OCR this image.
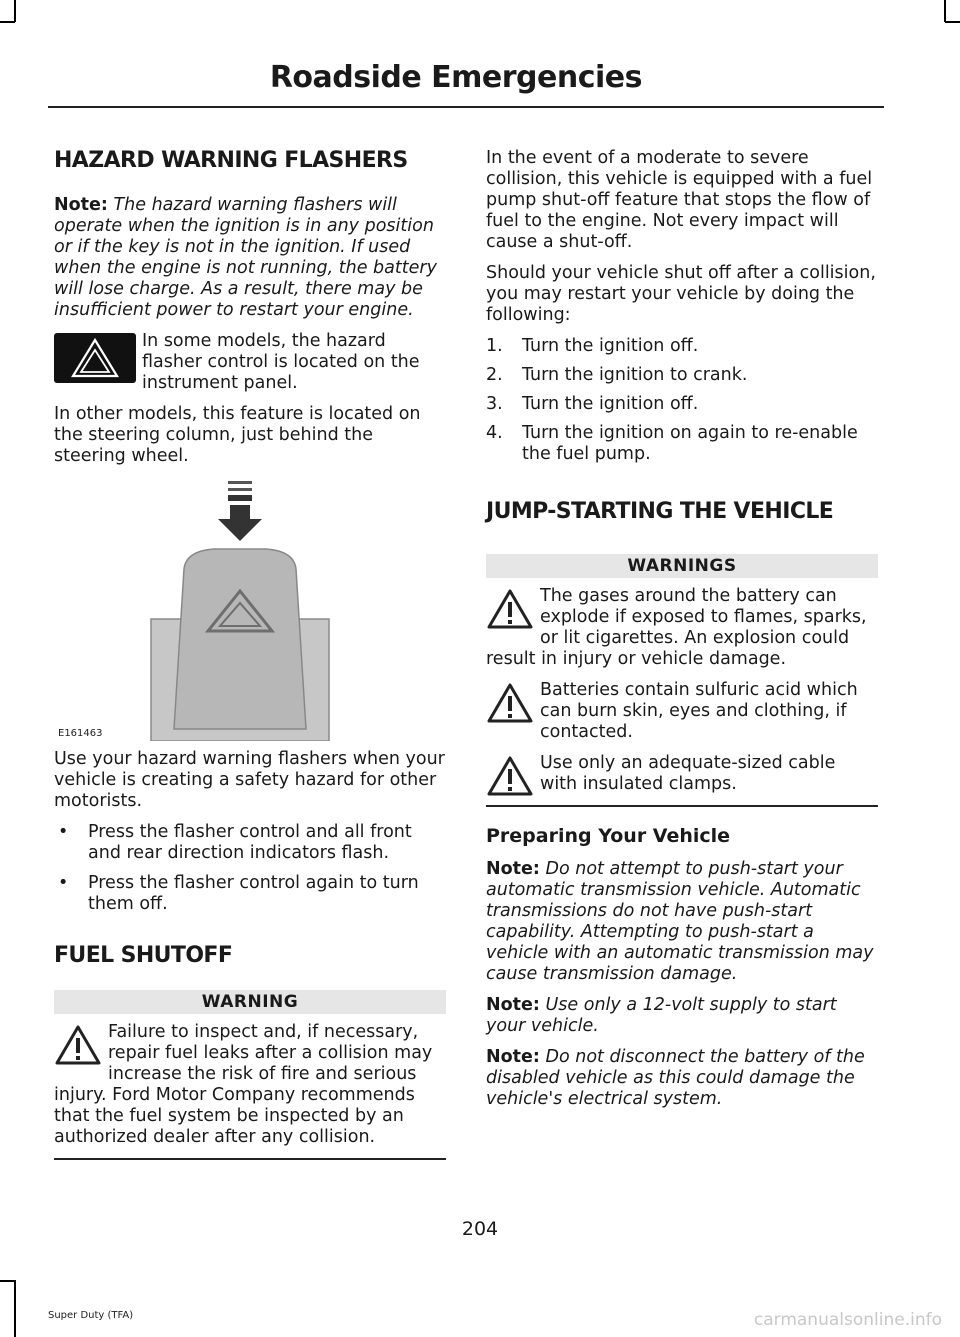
Roadside Emergencies
HAZARD WARNING FLASHERS

Note: The hazard warning flashers will operate when the ignition is in any position or if the key is not in the ignition. If used when the engine is not running, the battery will lose charge. As a result, there may be insufficient power to restart your engine.

In some models, the hazard flasher control is located on the instrument panel.

In other models, this feature is located on the steering column, just behind the steering wheel.

E161463

Use your hazard warning flashers when your vehicle is creating a safety hazard for other motorists.

• Press the flasher control and all front and rear direction indicators flash.
• Press the flasher control again to turn them off.
FUEL SHUTOFF
WARNING

Failure to inspect and, if necessary, repair fuel leaks after a collision may increase the risk of fire and serious injury. Ford Motor Company recommends that the fuel system be inspected by an authorized dealer after any collision.

In the event of a moderate to severe collision, this vehicle is equipped with a fuel pump shut-off feature that stops the flow of fuel to the engine. Not every impact will cause a shut-off.

Should your vehicle shut off after a collision, you may restart your vehicle by doing the following:

1. Turn the ignition off.
2. Turn the ignition to crank.
3. Turn the ignition off.
4. Turn the ignition on again to re-enable the fuel pump.
JUMP-STARTING THE VEHICLE
WARNINGS

The gases around the battery can explode if exposed to flames, sparks, or lit cigarettes. An explosion could result in injury or vehicle damage.

Batteries contain sulfuric acid which can burn skin, eyes and clothing, if contacted.

Use only an adequate-sized cable with insulated clamps.

Preparing Your Vehicle

Note: Do not attempt to push-start your automatic transmission vehicle. Automatic transmissions do not have push-start capability. Attempting to push-start a vehicle with an automatic transmission may cause transmission damage.

Note: Use only a 12-volt supply to start your vehicle.

Note: Do not disconnect the battery of the disabled vehicle as this could damage the vehicle's electrical system.

204
Super Duty (TFA)	carmanualsonline.info
